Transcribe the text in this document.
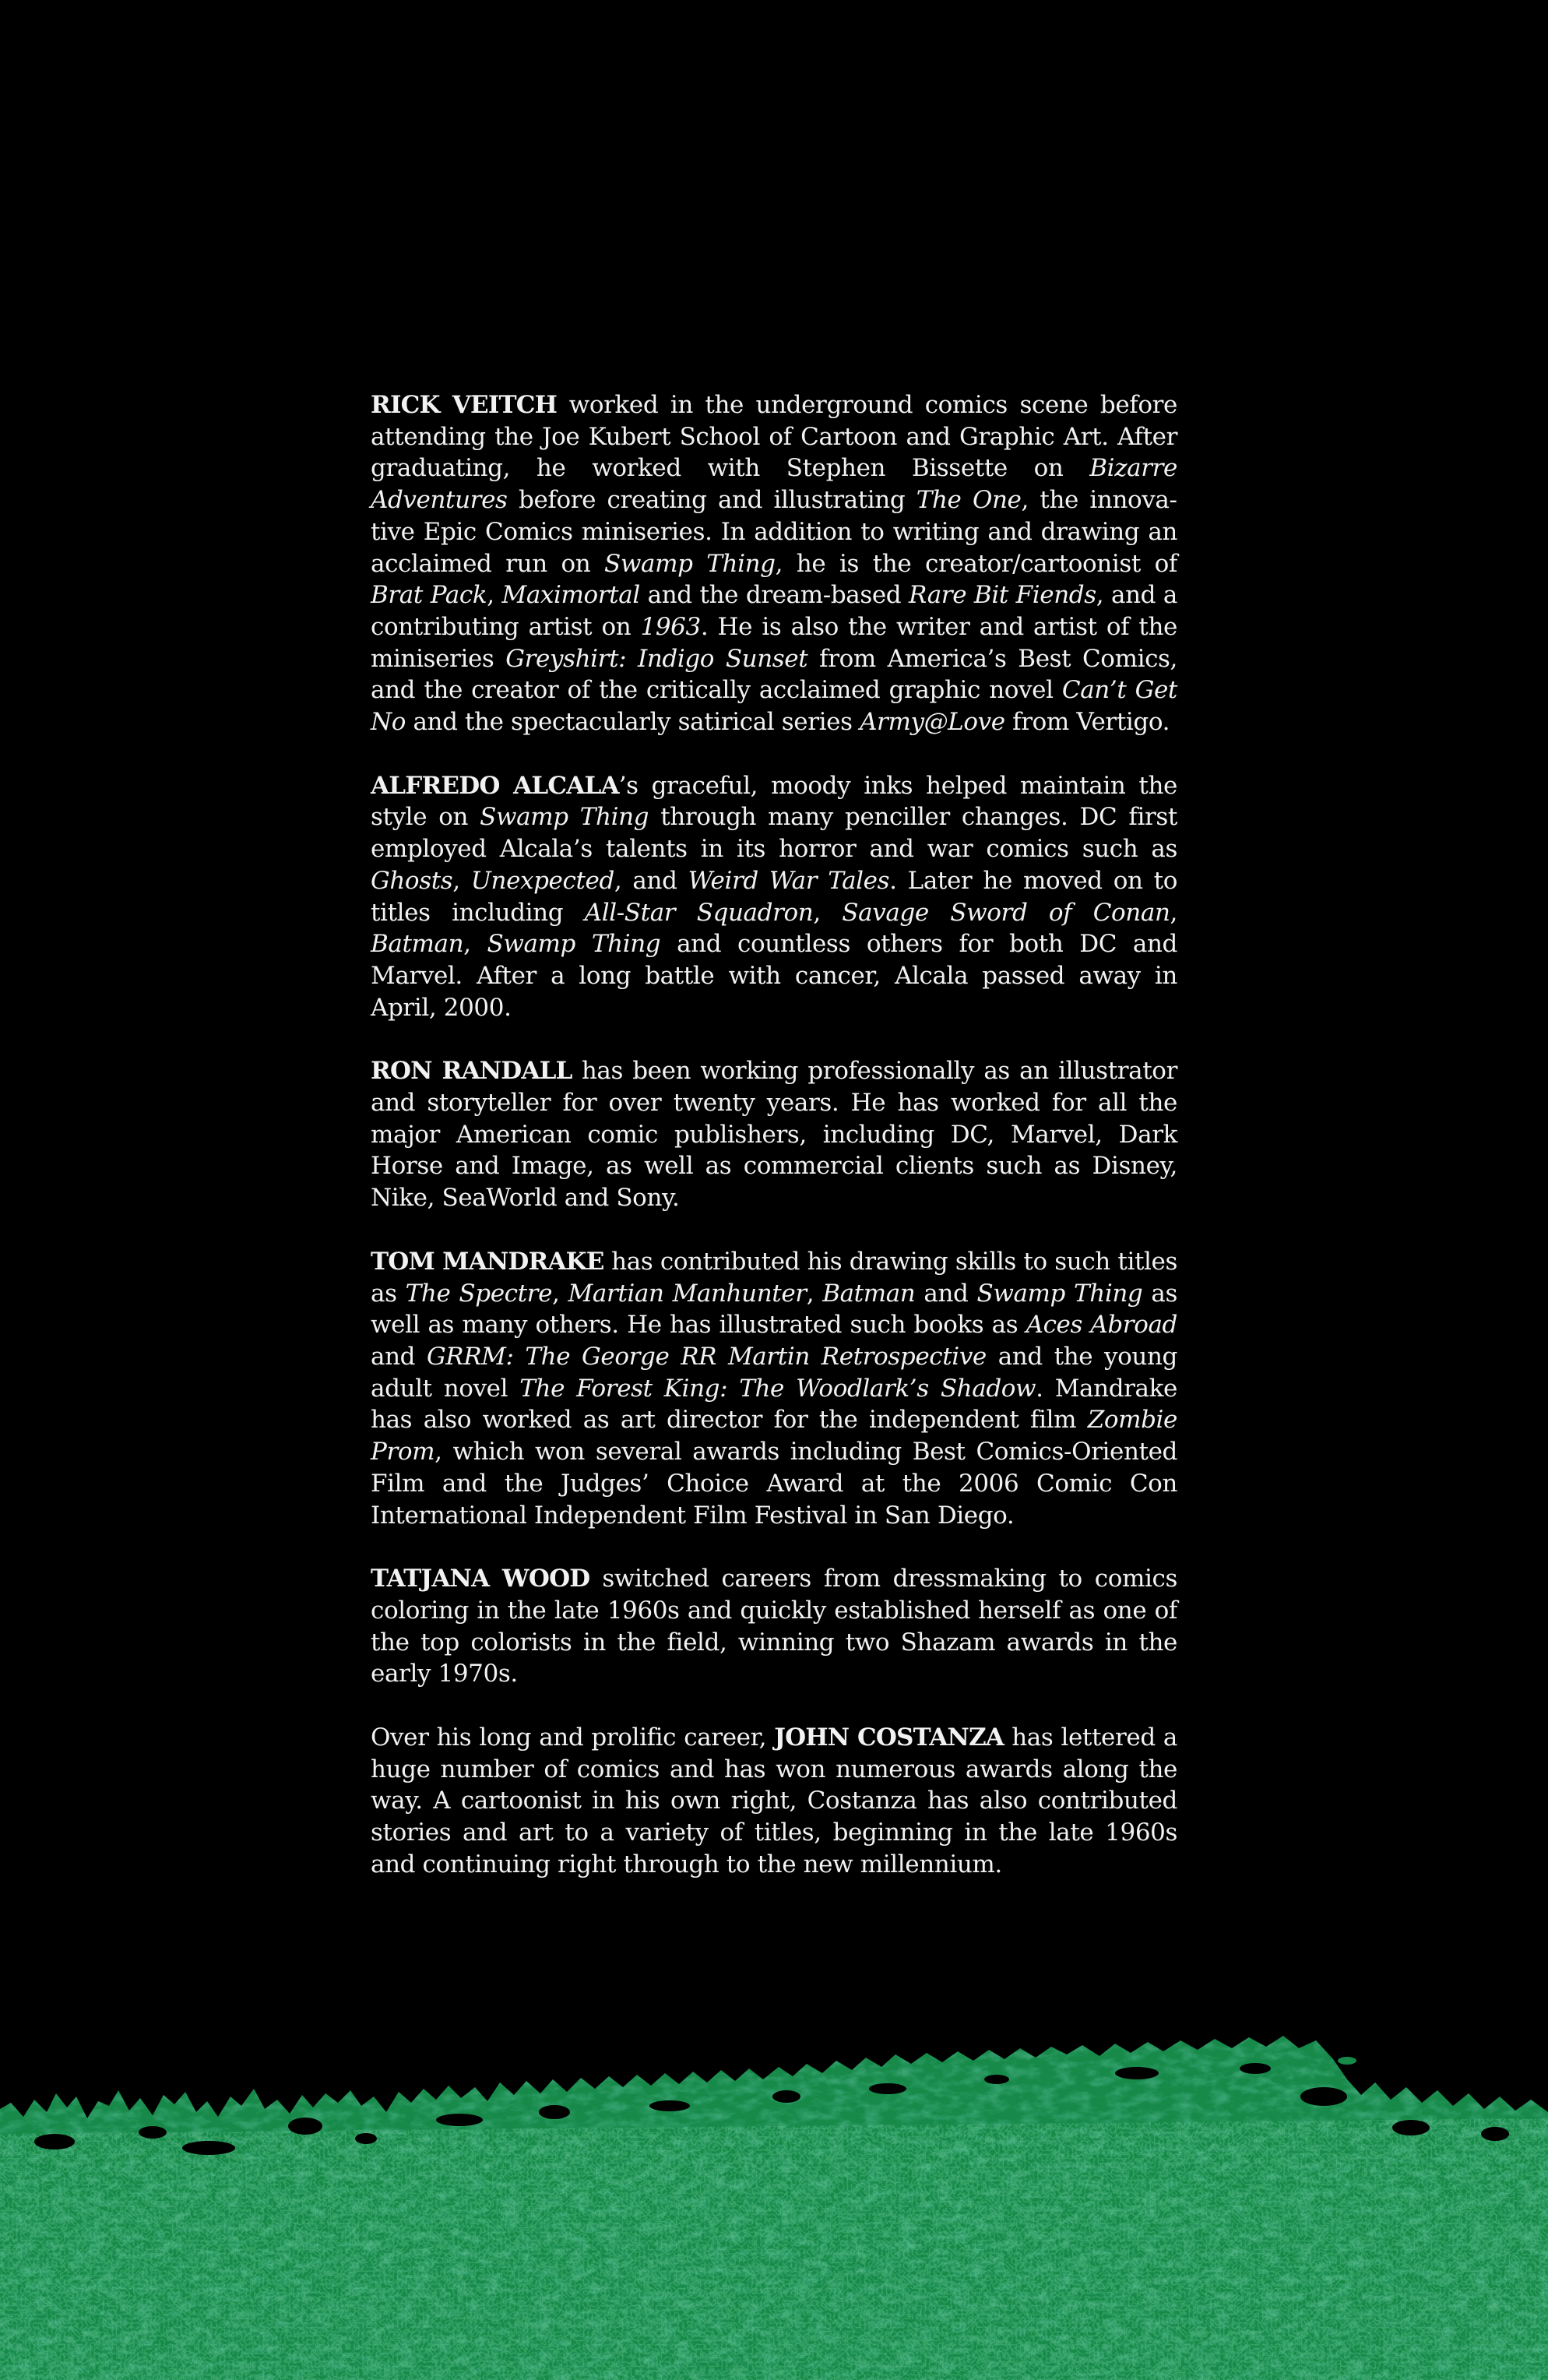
RICK VEITCH worked in the underground comics scene before attending the Joe Kubert School of Cartoon and Graphic Art. After graduating, he worked with Stephen Bissette on Bizarre Adventures before creating and illustrating The One, the innovative Epic Comics miniseries. In addition to writing and drawing an acclaimed run on Swamp Thing, he is the creator/cartoonist of Brat Pack, Maximortal and the dream-based Rare Bit Fiends, and a contributing artist on 1963. He is also the writer and artist of the miniseries Greyshirt: Indigo Sunset from America’s Best Comics, and the creator of the critically acclaimed graphic novel Can’t Get No and the spectacularly satirical series Army@Love from Vertigo.

ALFREDO ALCALA’s graceful, moody inks helped maintain the style on Swamp Thing through many penciller changes. DC first employed Alcala’s talents in its horror and war comics such as Ghosts, Unexpected, and Weird War Tales. Later he moved on to titles including All-Star Squadron, Savage Sword of Conan, Batman, Swamp Thing and countless others for both DC and Marvel. After a long battle with cancer, Alcala passed away in April, 2000.

RON RANDALL has been working professionally as an illustrator and storyteller for over twenty years. He has worked for all the major American comic publishers, including DC, Marvel, Dark Horse and Image, as well as commercial clients such as Disney, Nike, SeaWorld and Sony.

TOM MANDRAKE has contributed his drawing skills to such titles as The Spectre, Martian Manhunter, Batman and Swamp Thing as well as many others. He has illustrated such books as Aces Abroad and GRRM: The George RR Martin Retrospective and the young adult novel The Forest King: The Woodlark’s Shadow. Mandrake has also worked as art director for the independent film Zombie Prom, which won several awards including Best Comics-Oriented Film and the Judges’ Choice Award at the 2006 Comic Con International Independent Film Festival in San Diego.

TATJANA WOOD switched careers from dressmaking to comics coloring in the late 1960s and quickly established herself as one of the top colorists in the field, winning two Shazam awards in the early 1970s.

Over his long and prolific career, JOHN COSTANZA has lettered a huge number of comics and has won numerous awards along the way. A cartoonist in his own right, Costanza has also contributed stories and art to a variety of titles, beginning in the late 1960s and continuing right through to the new millennium.
